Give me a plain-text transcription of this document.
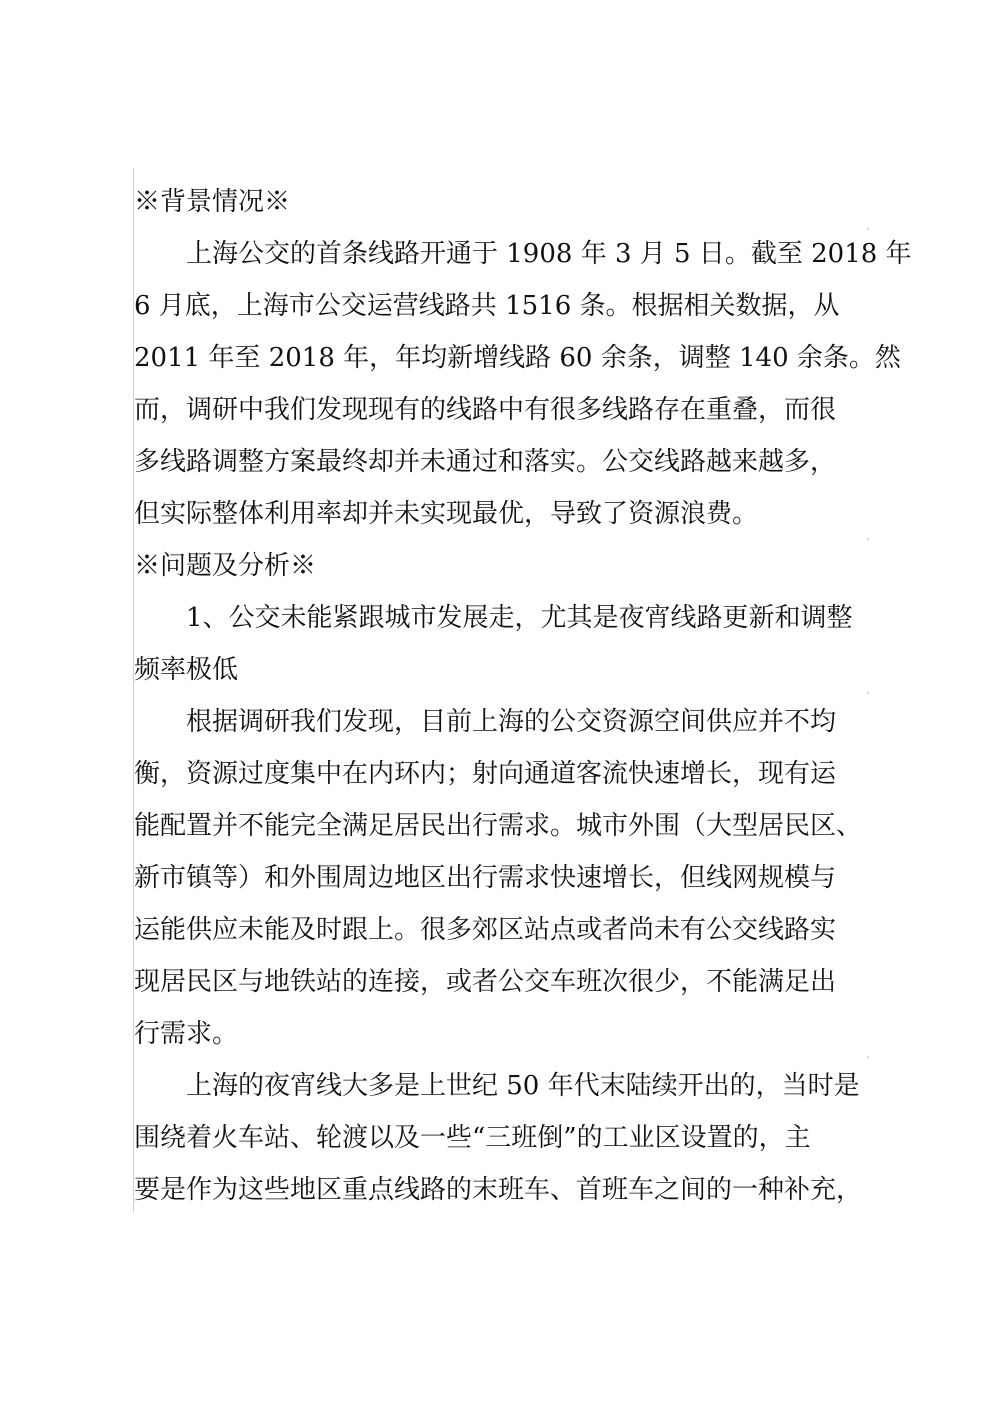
※背景情况※
上海公交的首条线路开通于 1908 年 3 月 5 日。截至 2018 年
6 月底，上海市公交运营线路共 1516 条。根据相关数据，从
2011 年至 2018 年，年均新增线路 60 余条，调整 140 余条。然
而，调研中我们发现现有的线路中有很多线路存在重叠，而很
多线路调整方案最终却并未通过和落实。公交线路越来越多，
但实际整体利用率却并未实现最优，导致了资源浪费。
※问题及分析※
1、公交未能紧跟城市发展走，尤其是夜宵线路更新和调整
频率极低
根据调研我们发现，目前上海的公交资源空间供应并不均
衡，资源过度集中在内环内；射向通道客流快速增长，现有运
能配置并不能完全满足居民出行需求。城市外围（大型居民区、
新市镇等）和外围周边地区出行需求快速增长，但线网规模与
运能供应未能及时跟上。很多郊区站点或者尚未有公交线路实
现居民区与地铁站的连接，或者公交车班次很少，不能满足出
行需求。
上海的夜宵线大多是上世纪 50 年代末陆续开出的，当时是
围绕着火车站、轮渡以及一些“三班倒”的工业区设置的，主
要是作为这些地区重点线路的末班车、首班车之间的一种补充，
